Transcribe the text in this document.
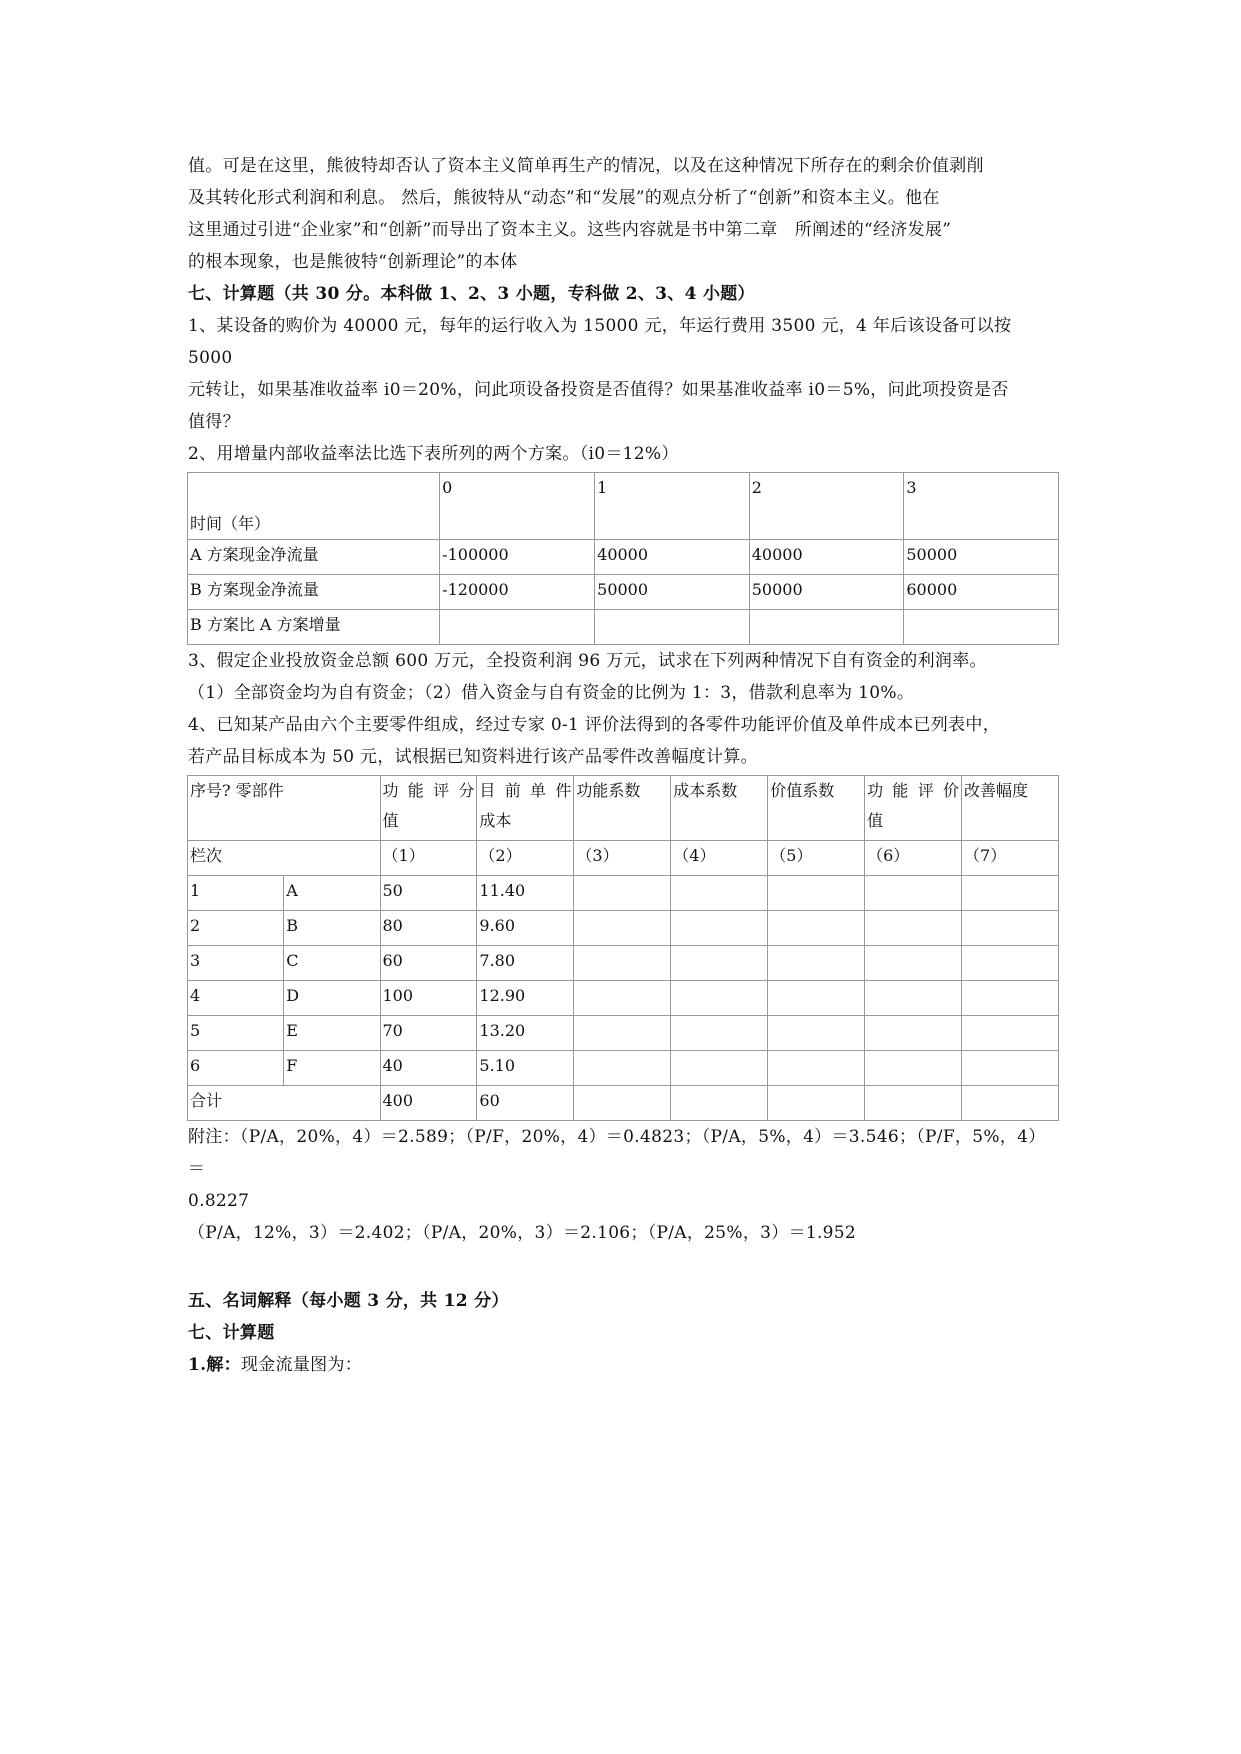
值。可是在这里，熊彼特却否认了资本主义简单再生产的情况，以及在这种情况下所存在的剩余价值剥削

及其转化形式利润和利息。 然后，熊彼特从“动态”和“发展”的观点分析了“创新”和资本主义。他在

这里通过引进“企业家”和“创新”而导出了资本主义。这些内容就是书中第二章　所阐述的“经济发展”

的根本现象，也是熊彼特“创新理论”的本体

七、计算题（共 30 分。本科做 1、2、3 小题，专科做 2、3、4 小题）

1、某设备的购价为 40000 元，每年的运行收入为 15000 元，年运行费用 3500 元，4 年后该设备可以按 5000

元转让，如果基准收益率 i0＝20%，问此项设备投资是否值得？如果基准收益率 i0＝5%，问此项投资是否

值得？

2、用增量内部收益率法比选下表所列的两个方案。（i0＝12%）

时间（年）	0	1	2	3
A 方案现金净流量	-100000	40000	40000	50000
B 方案现金净流量	-120000	50000	50000	60000
B 方案比 A 方案增量				

3、假定企业投放资金总额 600 万元，全投资利润 96 万元，试求在下列两种情况下自有资金的利润率。

（1）全部资金均为自有资金；（2）借入资金与自有资金的比例为 1：3，借款利息率为 10%。

4、已知某产品由六个主要零件组成，经过专家 0-1 评价法得到的各零件功能评价值及单件成本已列表中，

若产品目标成本为 50 元，试根据已知资料进行该产品零件改善幅度计算。

序号? 零部件		功 能 评 分 值	目 前 单 件 成本	功能系数	成本系数	价值系数	功 能 评 价 值	改善幅度
栏次		（1）	（2）	（3）	（4）	（5）	（6）	（7）
1	A	50	11.40					
2	B	80	9.60					
3	C	60	7.80					
4	D	100	12.90					
5	E	70	13.20					
6	F	40	5.10					
合计		400	60					

附注：（P/A，20%，4）＝2.589；（P/F，20%，4）＝0.4823；（P/A，5%，4）＝3.546；（P/F，5%，4）＝

0.8227

（P/A，12%，3）＝2.402；（P/A，20%，3）＝2.106；（P/A，25%，3）＝1.952

五、名词解释（每小题 3 分，共 12 分）

七、计算题

1.解：现金流量图为：
